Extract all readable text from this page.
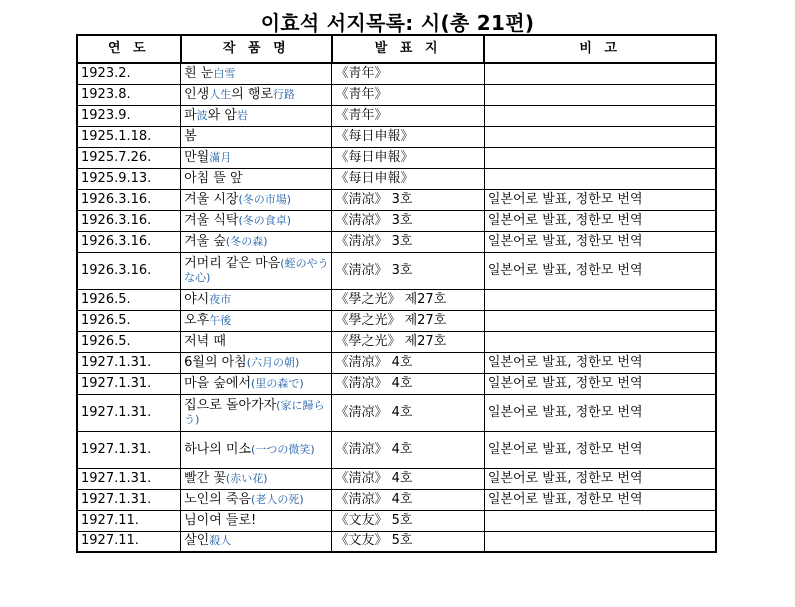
이효석 서지목록: 시(총 21편)
연 도	작 품 명	발 표 지	비 고
1923.2.	흰 눈白雪	《靑年》	
1923.8.	인생人生의 행로行路	《靑年》	
1923.9.	파波와 암岩	《靑年》	
1925.1.18.	봄	《每日申報》	
1925.7.26.	만월滿月	《每日申報》	
1925.9.13.	아침 뜰 앞	《每日申報》	
1926.3.16.	겨울 시장(冬の市場)	《淸凉》 3호	일본어로 발표, 정한모 번역
1926.3.16.	겨울 식탁(冬の食卓)	《淸凉》 3호	일본어로 발표, 정한모 번역
1926.3.16.	겨울 숲(冬の森)	《淸凉》 3호	일본어로 발표, 정한모 번역
1926.3.16.	거머리 같은 마음(蛭のやうな心)	《淸凉》 3호	일본어로 발표, 정한모 번역
1926.5.	야시夜市	《學之光》 제27호	
1926.5.	오후午後	《學之光》 제27호	
1926.5.	저녁 때	《學之光》 제27호	
1927.1.31.	6월의 아침(六月の朝)	《淸凉》 4호	일본어로 발표, 정한모 번역
1927.1.31.	마을 숲에서(里の森で)	《淸凉》 4호	일본어로 발표, 정한모 번역
1927.1.31.	집으로 돌아가자(家に歸らう)	《淸凉》 4호	일본어로 발표, 정한모 번역
1927.1.31.	하나의 미소(一つの微笑)	《淸凉》 4호	일본어로 발표, 정한모 번역
1927.1.31.	빨간 꽃(赤い花)	《淸凉》 4호	일본어로 발표, 정한모 번역
1927.1.31.	노인의 죽음(老人の死)	《淸凉》 4호	일본어로 발표, 정한모 번역
1927.11.	님이여 들로!	《文友》 5호	
1927.11.	살인殺人	《文友》 5호	
